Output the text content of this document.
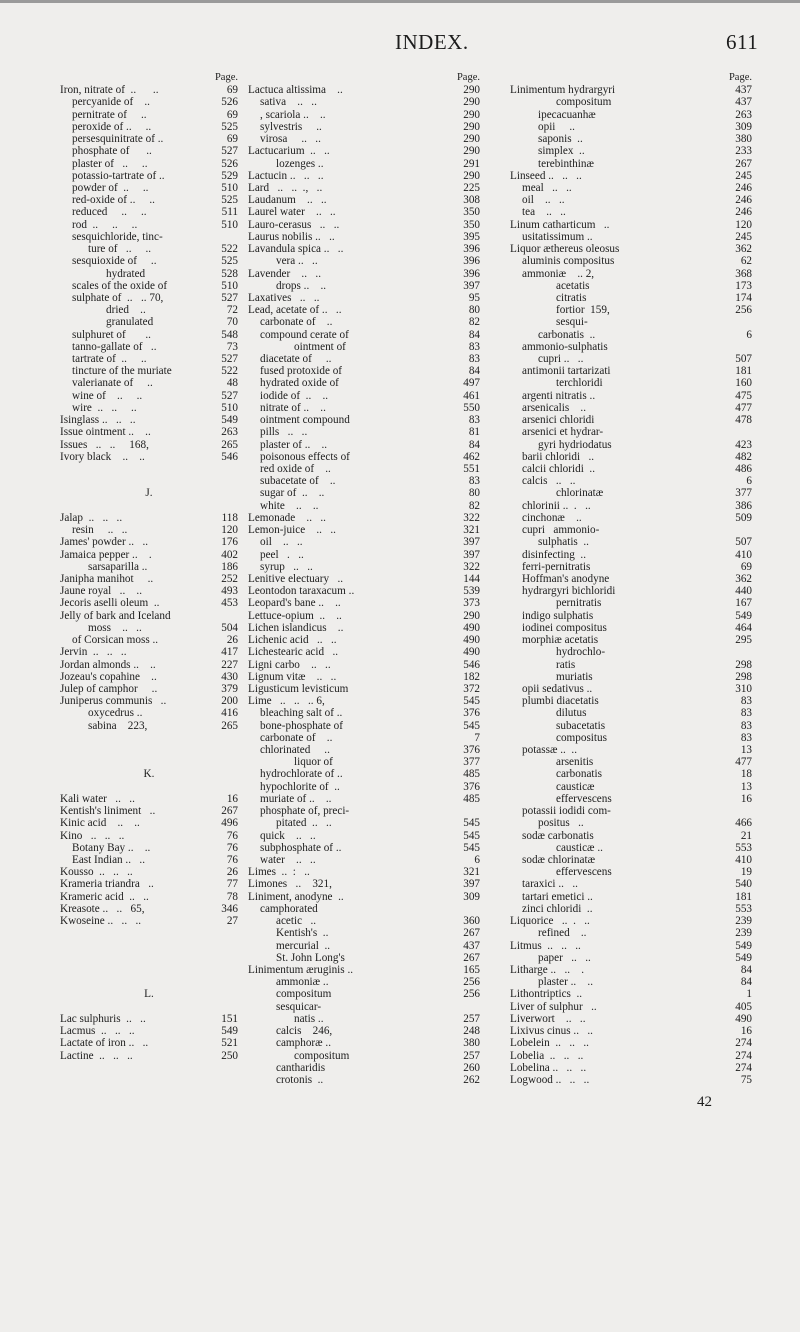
INDEX.	611
Page.
Iron, nitrate of  ..      ..	69
percyanide of    ..	526
pernitrate of     ..	69
peroxide of ..     ..	525
persesquinitrate of ..	69
phosphate of      ..	527
plaster of   ..     ..	526
potassio-tartrate of ..	529
powder of  ..     ..	510
red-oxide of ..     ..	525
reduced     ..     ..	511
rod  ..     ..     ..	510
sesquichloride, tinc-
ture of   ..     ..	522
sesquioxide of     ..	525
hydrated	528
scales of the oxide of	510
sulphate of  ..   .. 70,	527
dried    ..	72
granulated	70
sulphuret of       ..	548
tanno-gallate of   ..	73
tartrate of  ..     ..	527
tincture of the muriate	522
valerianate of     ..	48
wine of    ..     ..	527
wire  ..   ..     ..	510
Isinglass ..   ..   ..	549
Issue ointment ..    ..	263
Issues   ..   ..     168,	265
Ivory black    ..    ..	546
J.
Jalap  ..   ..   ..	118
resin     ..   ..	120
James' powder ..   ..	176
Jamaica pepper ..    .	402
sarsaparilla ..	186
Janipha manihot     ..	252
Jaune royal   ..    ..	493
Jecoris aselli oleum  ..	453
Jelly of bark and Iceland
moss    ..   ..	504
of Corsican moss ..	26
Jervin  ..   ..   ..	417
Jordan almonds ..    ..	227
Jozeau's copahine    ..	430
Julep of camphor     ..	379
Juniperus communis   ..	200
oxycedrus ..	416
sabina    223,	265
K.
Kali water   ..   ..	16
Kentish's liniment   ..	267
Kinic acid    ..    ..	496
Kino   ..   ..   ..	76
Botany Bay ..    ..	76
East Indian ..   ..	76
Kousso  ..   ..   ..	26
Krameria triandra   ..	77
Krameric acid  ..   ..	78
Kreasote ..   ..   65,	346
Kwoseine ..   ..   ..	27
L.
Lac sulphuris  ..   ..	151
Lacmus  ..   ..   ..	549
Lactate of iron ..   ..	521
Lactine  ..   ..   ..	250
Page.
Lactuca altissima    ..	290
sativa    ..   ..	290
, scariola ..    ..	290
sylvestris     ..	290
virosa     ..   ..	290
Lactucarium  ..   ..	290
lozenges ..	291
Lactucin ..   ..   ..	290
Lard   ..   ..  .,   ..	225
Laudanum    ..   ..	308
Laurel water    ..   ..	350
Lauro-cerasus   ..   ..	350
Laurus nobilis ..   ..	395
Lavandula spica ..   ..	396
vera ..   ..	396
Lavender    ..   ..	396
drops ..    ..	397
Laxatives   ..   ..	95
Lead, acetate of ..   ..	80
carbonate of    ..	82
compound cerate of	84
ointment of	83
diacetate of     ..	83
fused protoxide of	84
hydrated oxide of	497
iodide of  ..    ..	461
nitrate of ..    ..	550
ointment compound	83
pills   ..   ..	81
plaster of ..    ..	84
poisonous effects of	462
red oxide of    ..	551
subacetate of    ..	83
sugar of  ..    ..	80
white    ..    ..	82
Lemonade    ..   ..	322
Lemon-juice    ..   ..	321
oil    ..   ..	397
peel   .   ..	397
syrup   ..   ..	322
Lenitive electuary   ..	144
Leontodon taraxacum ..	539
Leopard's bane ..    ..	373
Lettuce-opium  ..    ..	290
Lichen islandicus    ..	490
Lichenic acid   ..   ..	490
Lichestearic acid   ..	490
Ligni carbo    ..   ..	546
Lignum vitæ    ..   ..	182
Ligusticum levisticum	372
Lime   ..   ..   .. 6,	545
bleaching salt of ..	376
bone-phosphate of	545
carbonate of    ..	7
chlorinated     ..	376
liquor of	377
hydrochlorate of ..	485
hypochlorite of  ..	376
muriate of ..    ..	485
phosphate of, preci-
pitated  ..   ..	545
quick    ..   ..	545
subphosphate of ..	545
water    ..   ..	6
Limes  ..  :   ..	321
Limones   ..    321,	397
Liniment, anodyne  ..	309
camphorated
acetic   ..	360
Kentish's  ..	267
mercurial  ..	437
St. John Long's	267
Linimentum æruginis ..	165
ammoniæ ..	256
compositum	256
sesquicar-
natis ..	257
calcis    246,	248
camphoræ ..	380
compositum	257
cantharidis	260
crotonis  ..	262
Page.
Linimentum hydrargyri	437
compositum	437
ipecacuanhæ	263
opii     ..	309
saponis  ..	380
simplex  ..	233
terebinthinæ	267
Linseed ..   ..   ..	245
meal   ..   ..	246
oil    ..   ..	246
tea    ..   ..	246
Linum catharticum   ..	120
usitatissimum ..	245
Liquor æthereus oleosus	362
aluminis compositus	62
ammoniæ    .. 2,	368
acetatis	173
citratis	174
fortior  159,	256
sesqui-
carbonatis  ..	6
ammonio-sulphatis
cupri ..   ..	507
antimonii tartarizati	181
terchloridi	160
argenti nitratis ..	475
arsenicalis    ..	477
arsenici chloridi	478
arsenici et hydrar-
gyri hydriodatus	423
barii chloridi   ..	482
calcii chloridi  ..	486
calcis   ..   ..	6
chlorinatæ	377
chlorinii ..  .   ..	386
cinchonæ    ..	509
cupri   ammonio-
sulphatis  ..	507
disinfecting  ..	410
ferri-pernitratis	69
Hoffman's anodyne	362
hydrargyri bichloridi	440
pernitratis	167
indigo sulphatis	549
iodinei compositus	464
morphiæ acetatis	295
hydrochlo-
ratis	298
muriatis	298
opii sedativus ..	310
plumbi diacetatis	83
dilutus	83
subacetatis	83
compositus	83
potassæ ..  ..	13
arsenitis	477
carbonatis	18
causticæ	13
effervescens	16
potassii iodidi com-
positus   ..	466
sodæ carbonatis	21
causticæ ..	553
sodæ chlorinatæ	410
effervescens	19
taraxici ..   ..	540
tartari emetici ..	181
zinci chloridi  ..	553
Liquorice   ..  .   ..	239
refined    ..	239
Litmus  ..   ..   ..	549
paper   ..   ..	549
Litharge ..   ..    .	84
plaster ..    ..	84
Lithontriptics  ..	1
Liver of sulphur   ..	405
Liverwort    ..   ..	490
Lixivus cinus ..   ..	16
Lobelein  ..   ..   ..	274
Lobelia  ..   ..   ..	274
Lobelina ..   ..   ..	274
Logwood ..   ..   ..	75
42
